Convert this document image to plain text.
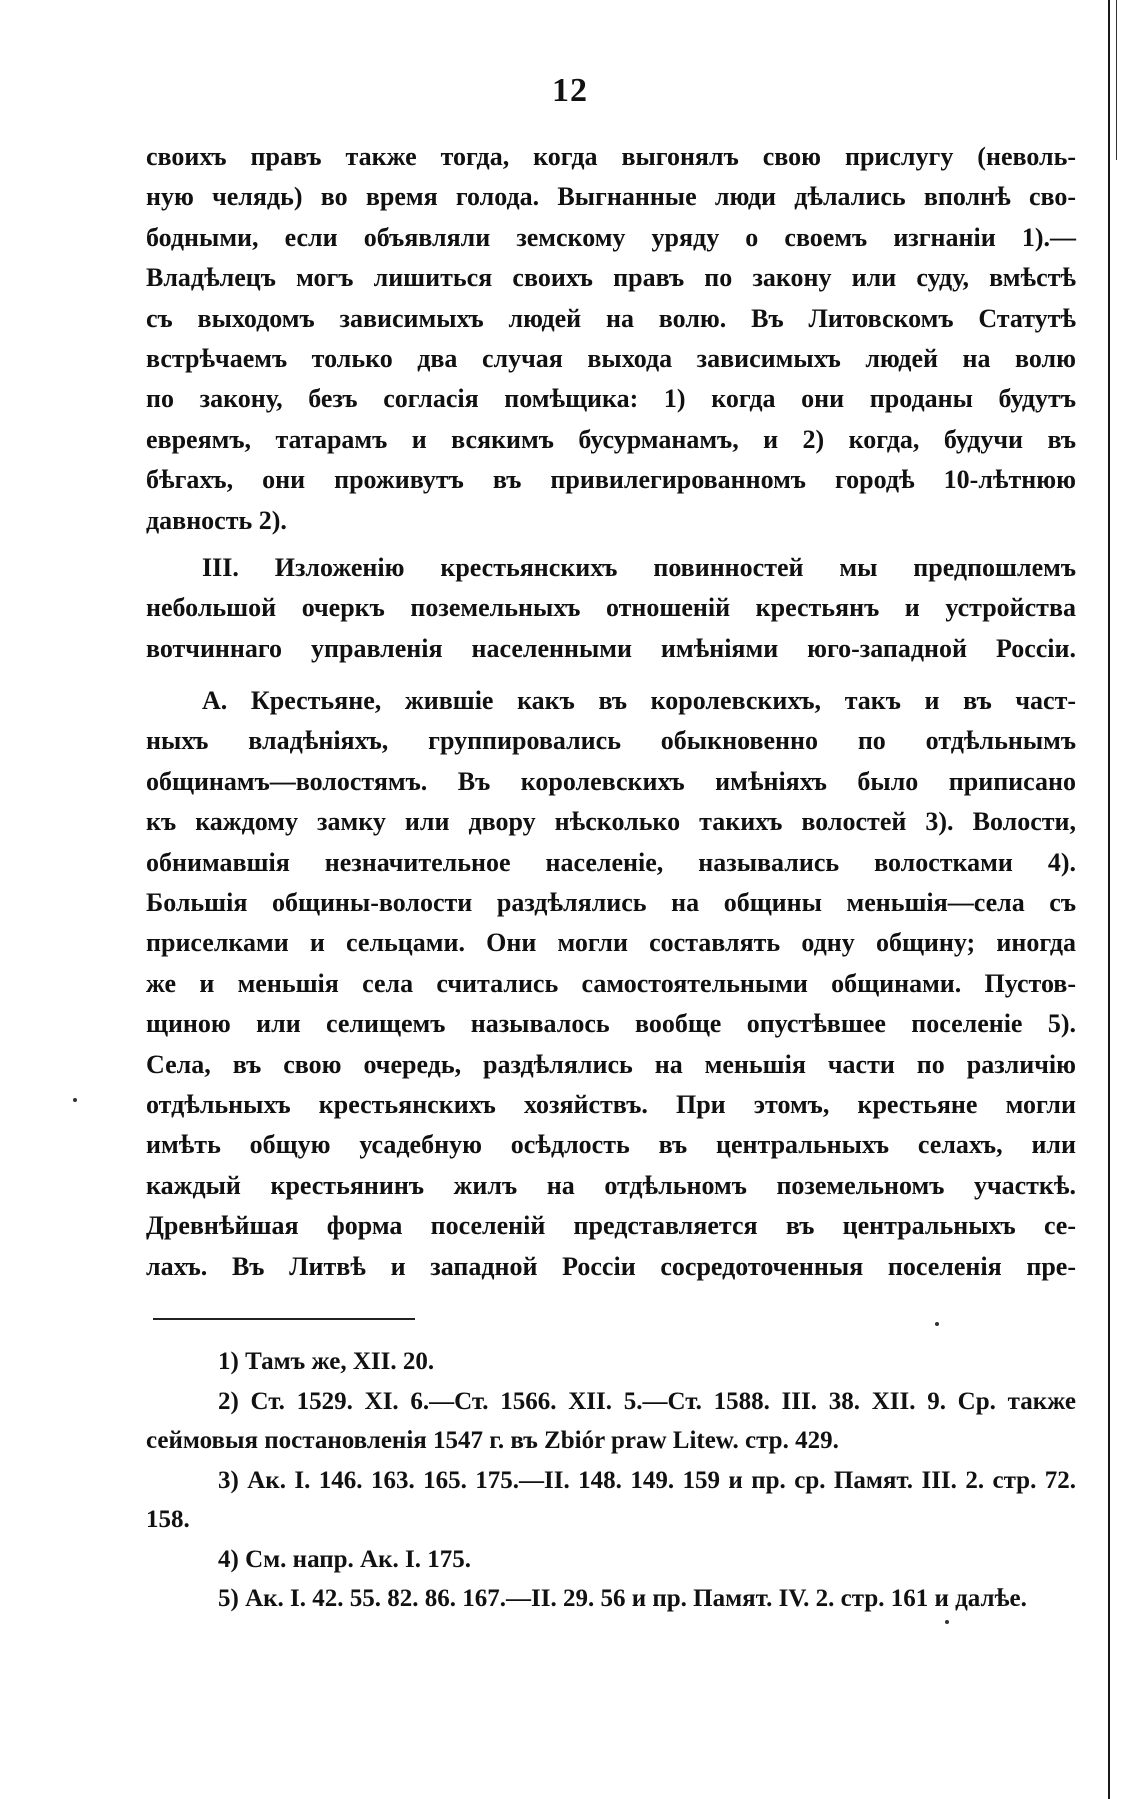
12
своихъ правъ также тогда, когда выгонялъ свою прислугу (неволь-
ную челядь) во время голода. Выгнанные люди дѣлались вполнѣ сво-
бодными, если объявляли земскому уряду о своемъ изгнаніи 1).—
Владѣлецъ могъ лишиться своихъ правъ по закону или суду, вмѣстѣ
съ выходомъ зависимыхъ людей на волю. Въ Литовскомъ Статутѣ
встрѣчаемъ только два случая выхода зависимыхъ людей на волю
по закону, безъ согласія помѣщика: 1) когда они проданы будутъ
евреямъ, татарамъ и всякимъ бусурманамъ, и 2) когда, будучи въ
бѣгахъ, они проживутъ въ привилегированномъ городѣ 10-лѣтнюю
давность 2).
III. Изложенію крестьянскихъ повинностей мы предпошлемъ
небольшой очеркъ поземельныхъ отношеній крестьянъ и устройства
вотчиннаго управленія населенными имѣніями юго-западной Россіи.
А. Крестьяне, жившіе какъ въ королевскихъ, такъ и въ част-
ныхъ владѣніяхъ, группировались обыкновенно по отдѣльнымъ
общинамъ—волостямъ. Въ королевскихъ имѣніяхъ было приписано
къ каждому замку или двору нѣсколько такихъ волостей 3). Волости,
обнимавшія незначительное населеніе, назывались волостками 4).
Большія общины-волости раздѣлялись на общины меньшія—села съ
приселками и сельцами. Они могли составлять одну общину; иногда
же и меньшія села считались самостоятельными общинами. Пустов-
щиною или селищемъ называлось вообще опустѣвшее поселеніе 5).
Села, въ свою очередь, раздѣлялись на меньшія части по различію
отдѣльныхъ крестьянскихъ хозяйствъ. При этомъ, крестьяне могли
имѣть общую усадебную осѣдлость въ центральныхъ селахъ, или
каждый крестьянинъ жилъ на отдѣльномъ поземельномъ участкѣ.
Древнѣйшая форма поселеній представляется въ центральныхъ се-
лахъ. Въ Литвѣ и западной Россіи сосредоточенныя поселенія пре-
1) Тамъ же, XII. 20.
2) Ст. 1529. XI. 6.—Ст. 1566. XII. 5.—Ст. 1588. III. 38. XII. 9. Ср. также сеймовыя постановленія 1547 г. въ Zbiór praw Litew. стр. 429.
3) Ак. I. 146. 163. 165. 175.—II. 148. 149. 159 и пр. ср. Памят. III. 2. стр. 72. 158.
4) См. напр. Ак. I. 175.
5) Ак. I. 42. 55. 82. 86. 167.—II. 29. 56 и пр. Памят. IV. 2. стр. 161 и далѣе.
